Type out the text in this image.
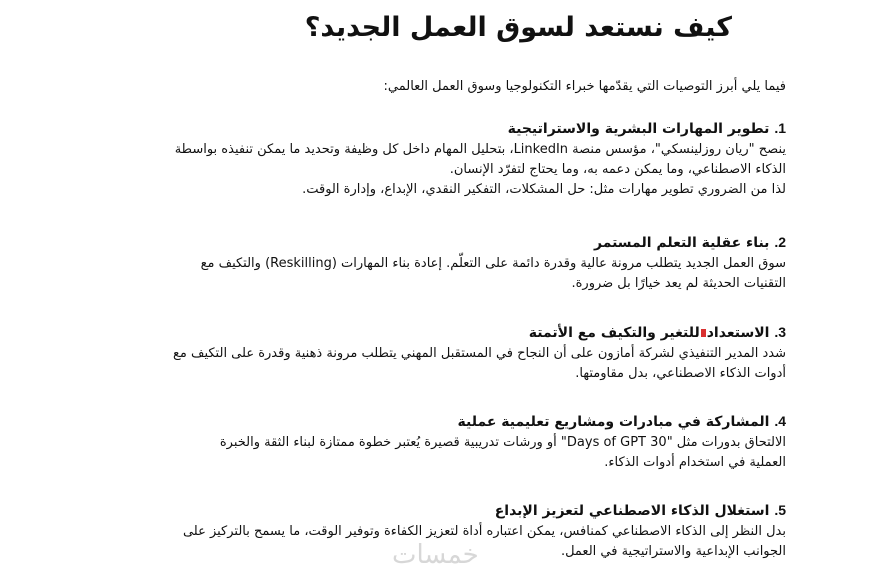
كيف نستعد لسوق العمل الجديد؟

فيما يلي أبرز التوصيات التي يقدّمها خبراء التكنولوجيا وسوق العمل العالمي:

1. تطوير المهارات البشرية والاستراتيجية

ينصح "ريان روزلينسكي"، مؤسس منصة LinkedIn، بتحليل المهام داخل كل وظيفة وتحديد ما يمكن تنفيذه بواسطة
الذكاء الاصطناعي، وما يمكن دعمه به، وما يحتاج لتفرّد الإنسان.
لذا من الضروري تطوير مهارات مثل: حل المشكلات، التفكير النقدي، الإبداع، وإدارة الوقت.

2. بناء عقلية التعلم المستمر

سوق العمل الجديد يتطلب مرونة عالية وقدرة دائمة على التعلّم. إعادة بناء المهارات (Reskilling) والتكيف مع
التقنيات الحديثة لم يعد خيارًا بل ضرورة.

3. الاستعدادللتغير والتكيف مع الأتمتة

شدد المدير التنفيذي لشركة أمازون على أن النجاح في المستقبل المهني يتطلب مرونة ذهنية وقدرة على التكيف مع
أدوات الذكاء الاصطناعي، بدل مقاومتها.

4. المشاركة في مبادرات ومشاريع تعليمية عملية

الالتحاق بدورات مثل "30 Days of GPT" أو ورشات تدريبية قصيرة يُعتبر خطوة ممتازة لبناء الثقة والخبرة
العملية في استخدام أدوات الذكاء.

5. استغلال الذكاء الاصطناعي لتعزيز الإبداع

بدل النظر إلى الذكاء الاصطناعي كمنافس، يمكن اعتباره أداة لتعزيز الكفاءة وتوفير الوقت، ما يسمح بالتركيز على
الجوانب الإبداعية والاستراتيجية في العمل.

خمسات
